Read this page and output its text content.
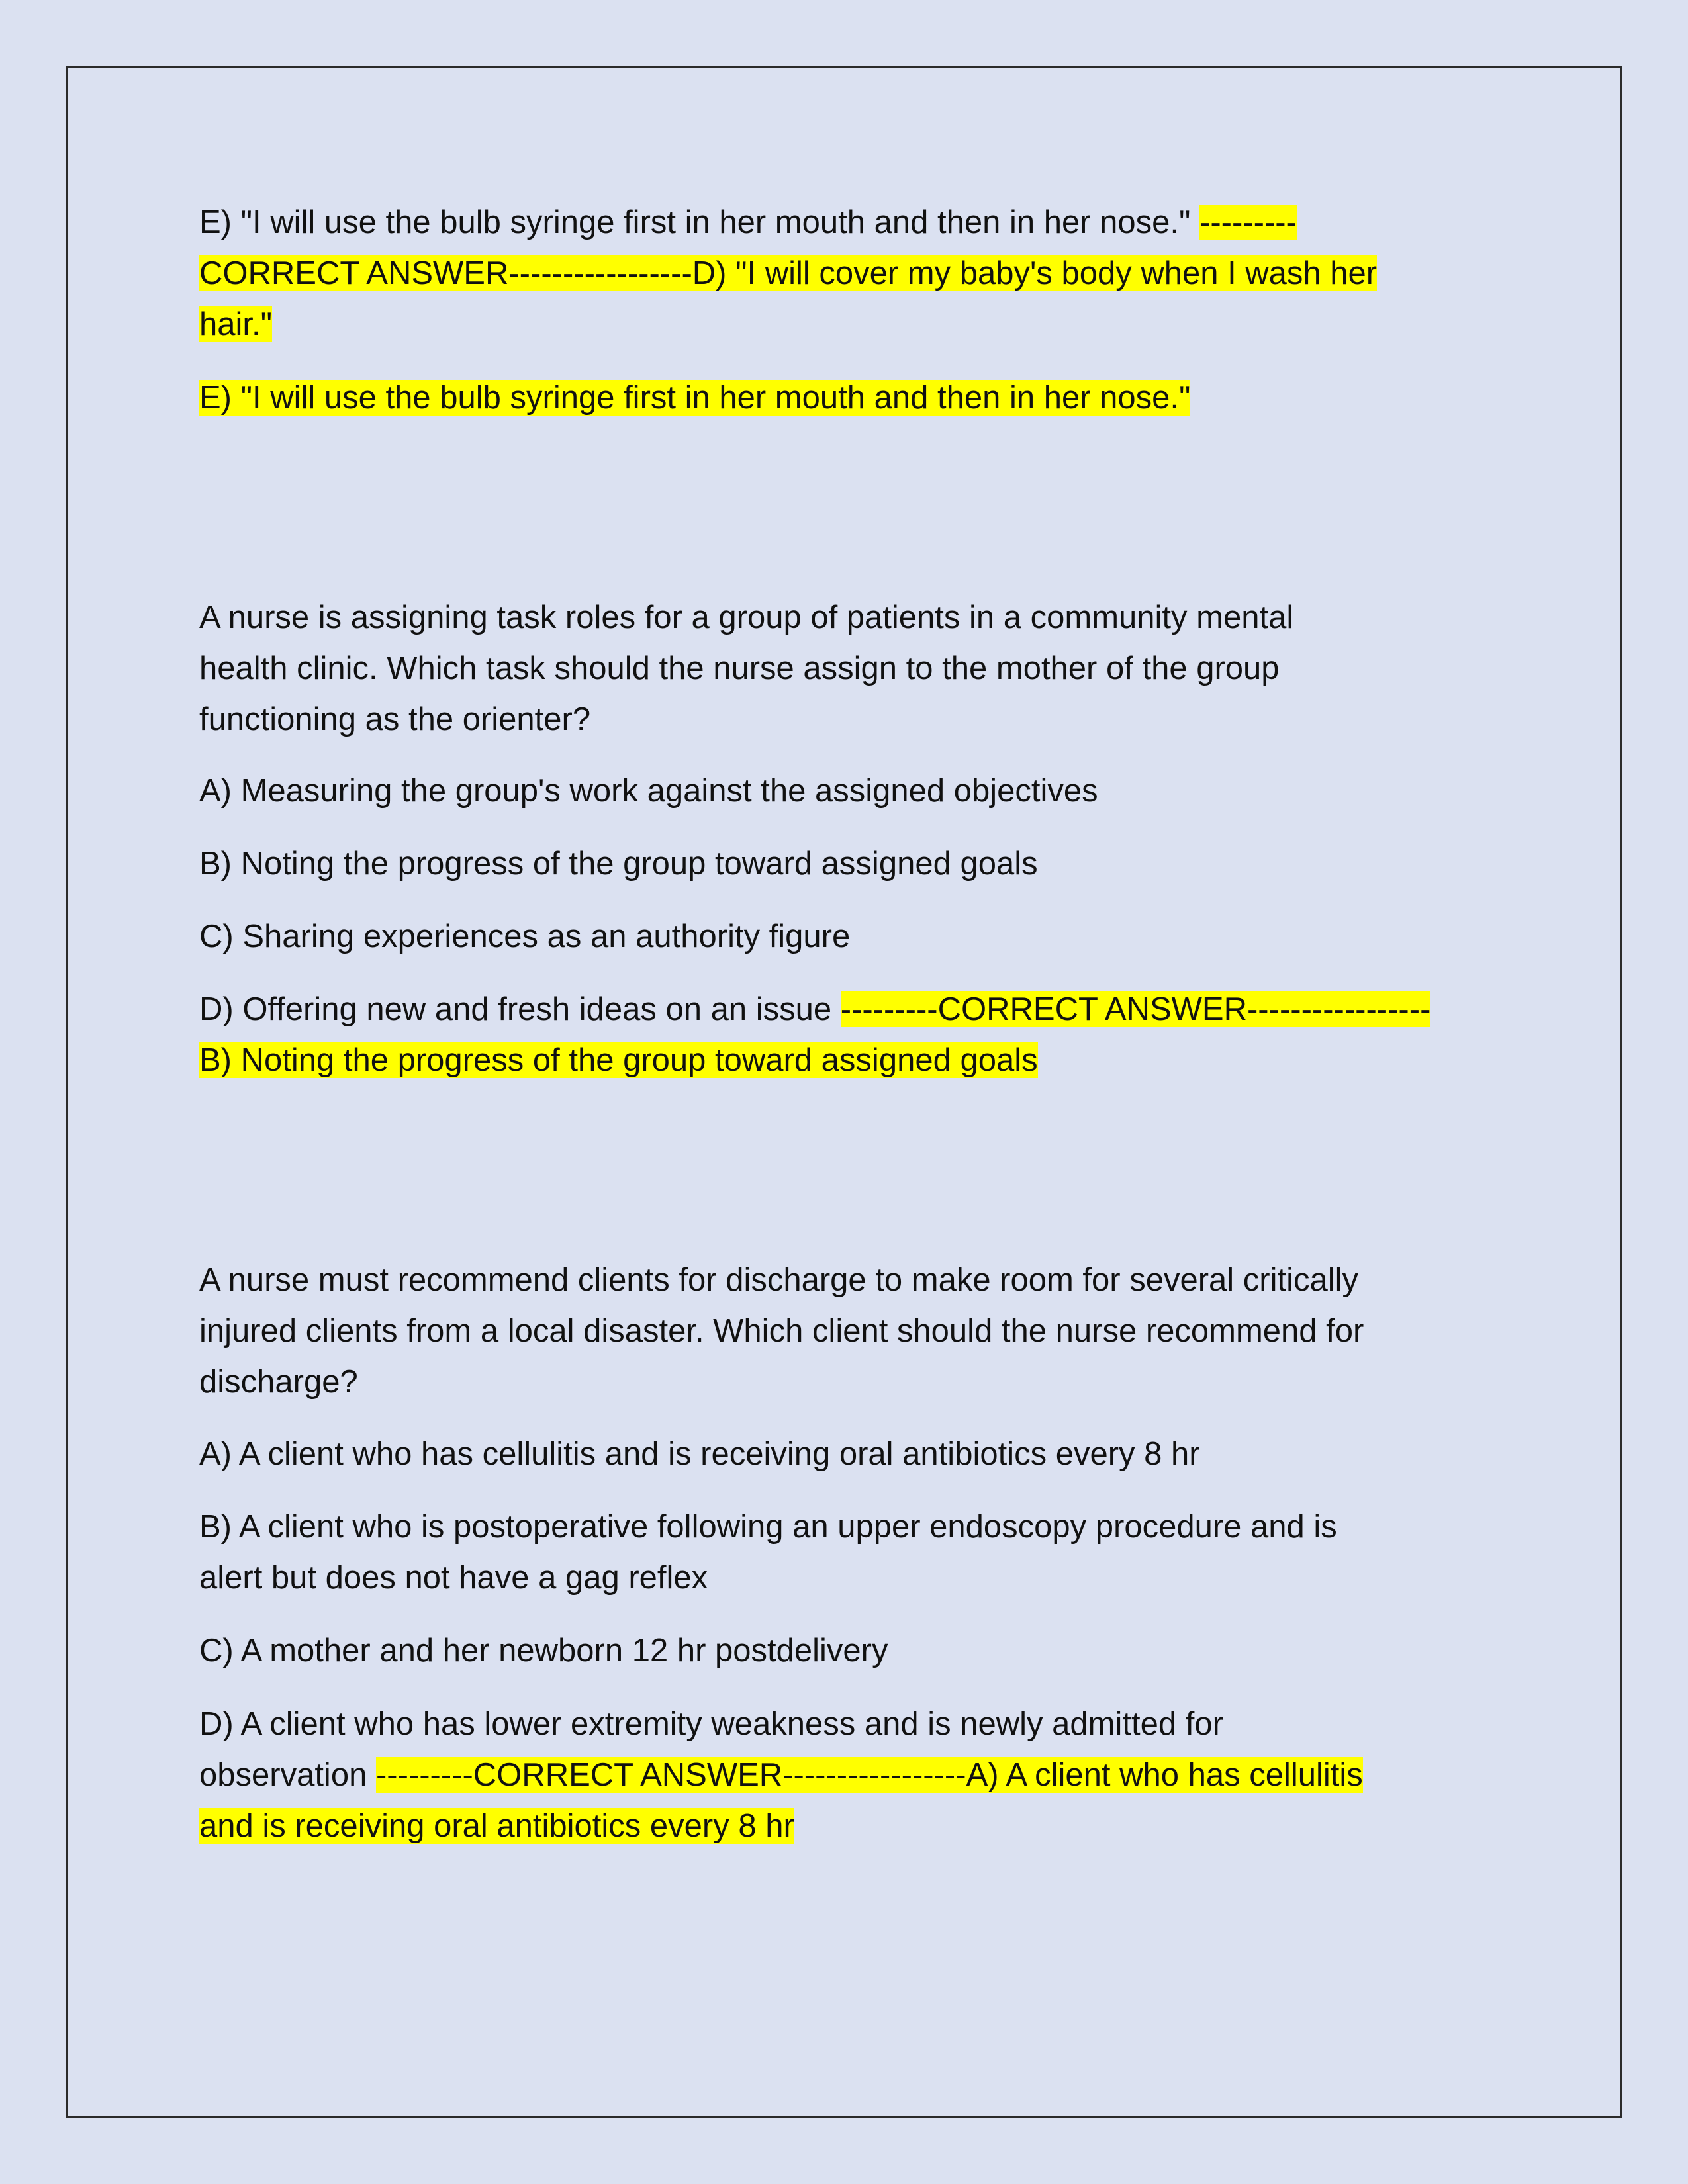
E) "I will use the bulb syringe first in her mouth and then in her nose." ---------

CORRECT ANSWER-----------------D) "I will cover my baby's body when I wash her

hair."

E) "I will use the bulb syringe first in her mouth and then in her nose."

A nurse is assigning task roles for a group of patients in a community mental

health clinic. Which task should the nurse assign to the mother of the group

functioning as the orienter?

A) Measuring the group's work against the assigned objectives

B) Noting the progress of the group toward assigned goals

C) Sharing experiences as an authority figure

D) Offering new and fresh ideas on an issue ---------CORRECT ANSWER-----------------

B) Noting the progress of the group toward assigned goals

A nurse must recommend clients for discharge to make room for several critically

injured clients from a local disaster. Which client should the nurse recommend for

discharge?

A) A client who has cellulitis and is receiving oral antibiotics every 8 hr

B) A client who is postoperative following an upper endoscopy procedure and is

alert but does not have a gag reflex

C) A mother and her newborn 12 hr postdelivery

D) A client who has lower extremity weakness and is newly admitted for

observation ---------CORRECT ANSWER-----------------A) A client who has cellulitis

and is receiving oral antibiotics every 8 hr
